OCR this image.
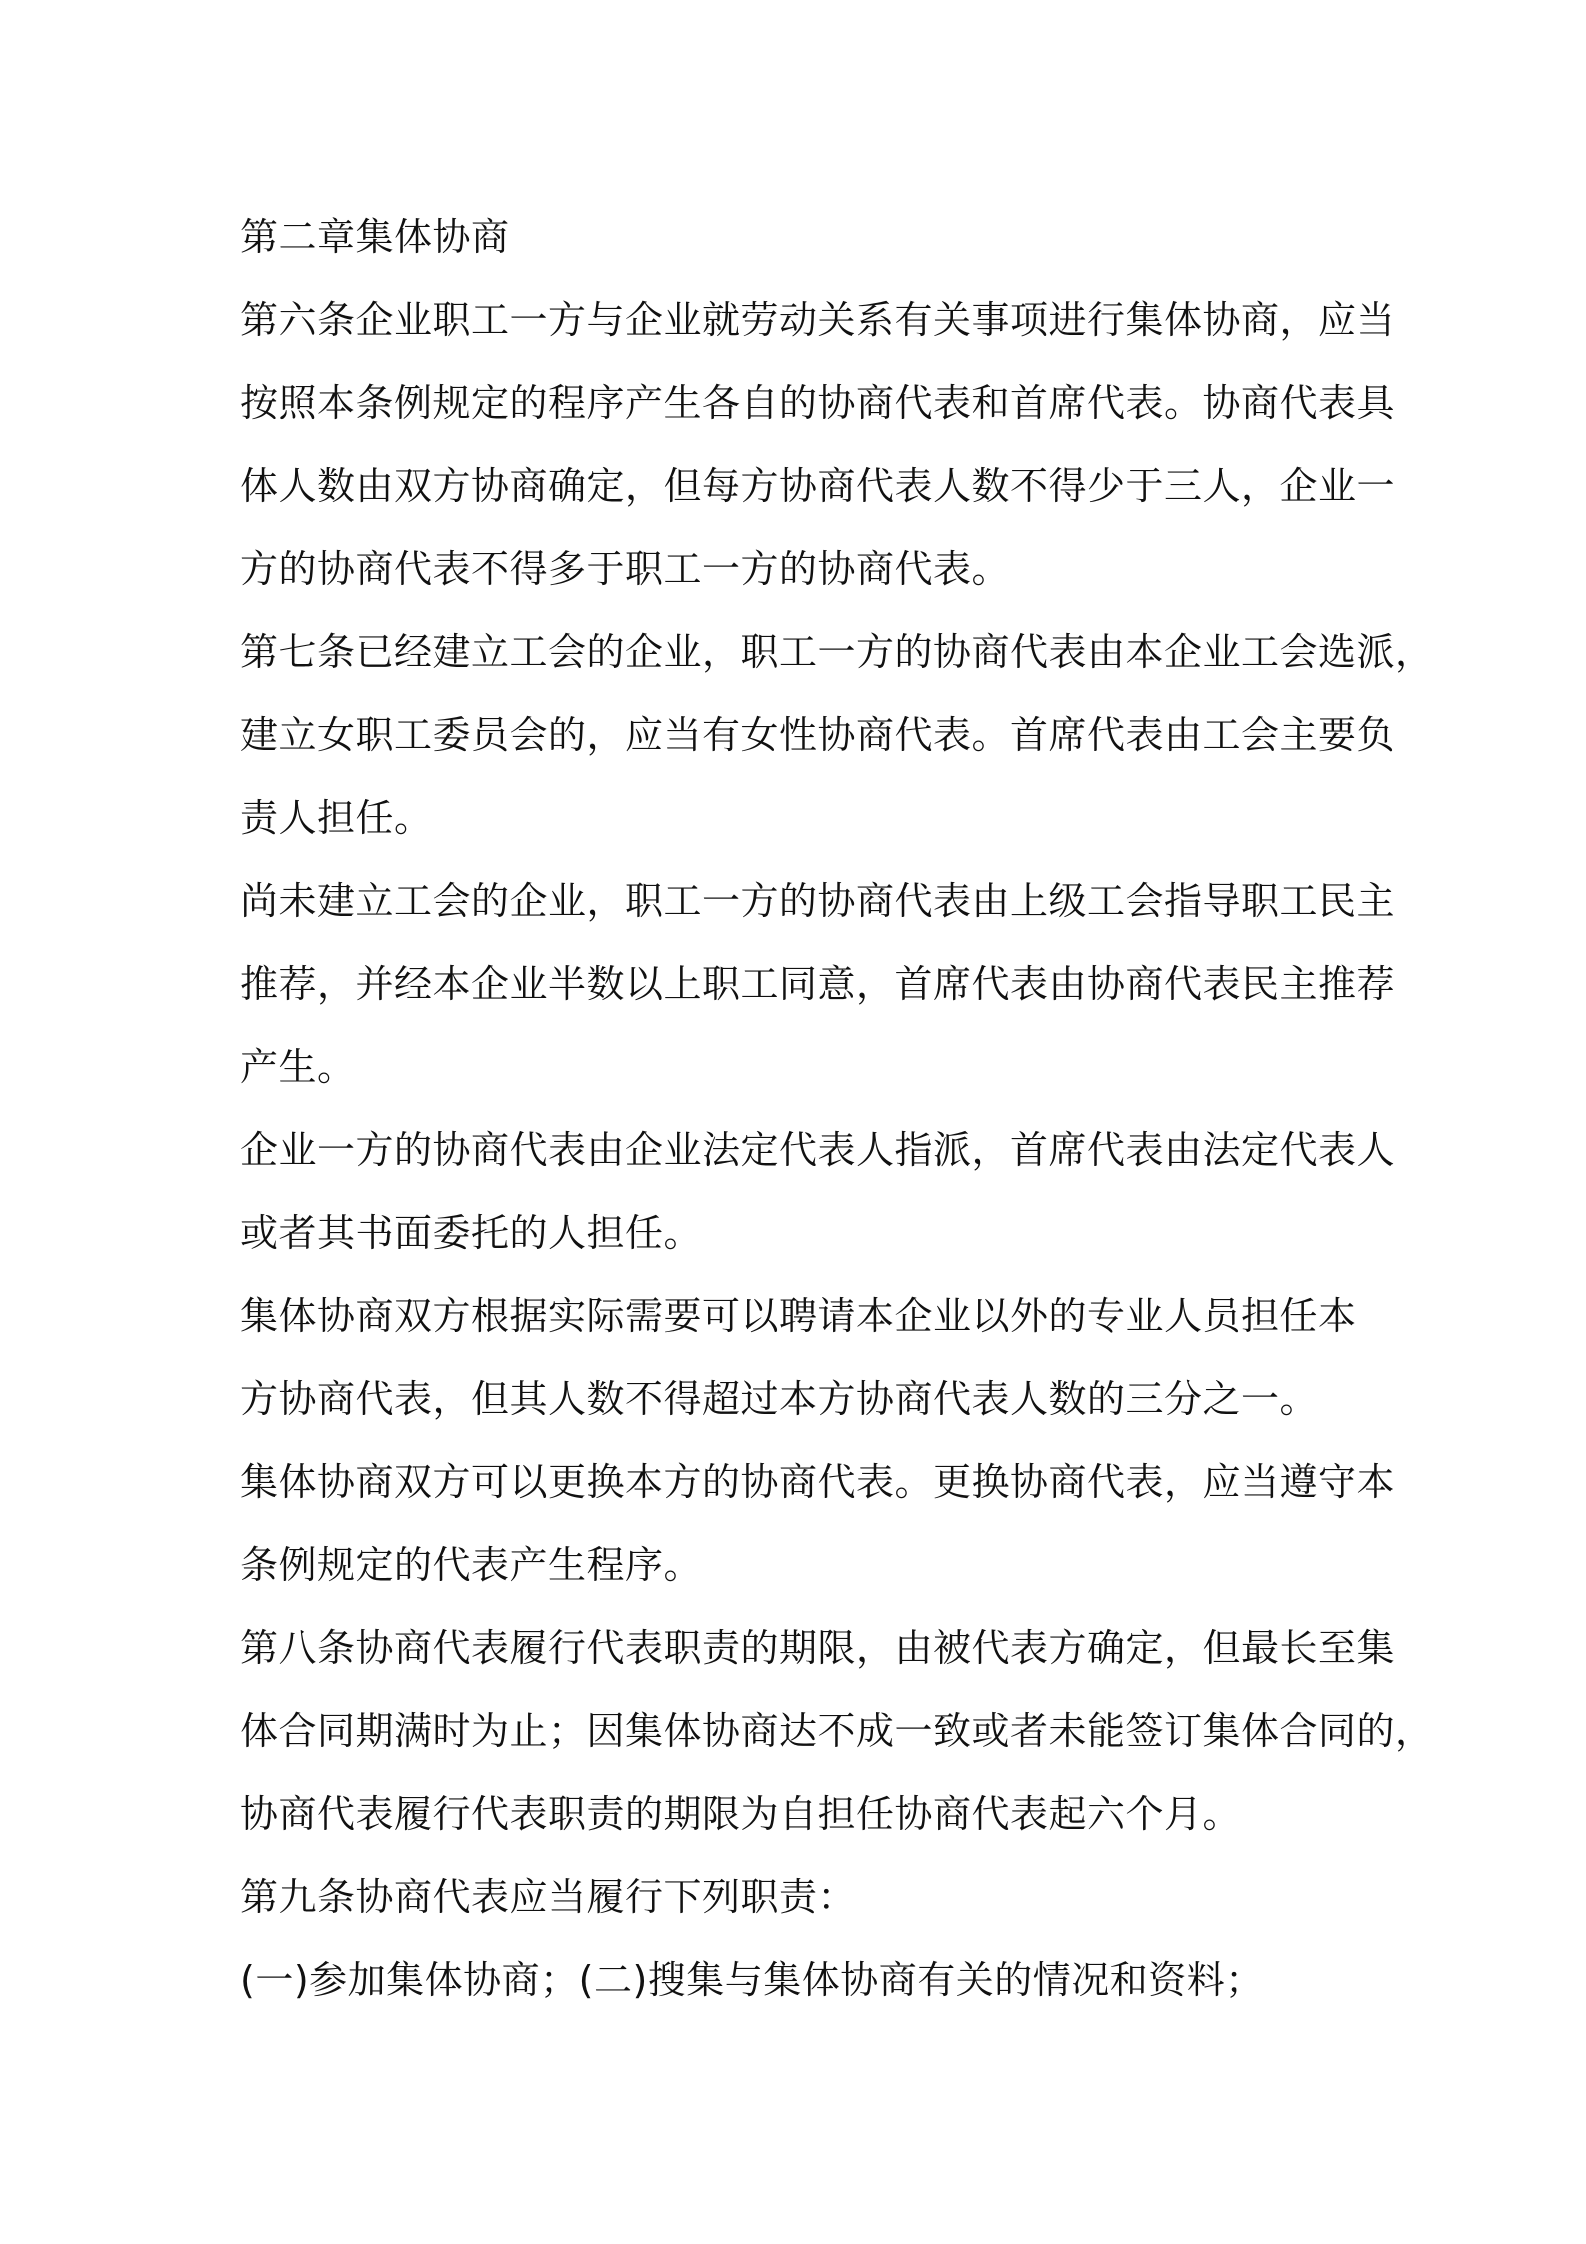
第二章集体协商
第六条企业职工一方与企业就劳动关系有关事项进行集体协商，应当
按照本条例规定的程序产生各自的协商代表和首席代表。协商代表具
体人数由双方协商确定，但每方协商代表人数不得少于三人，企业一
方的协商代表不得多于职工一方的协商代表。
第七条已经建立工会的企业，职工一方的协商代表由本企业工会选派，
建立女职工委员会的，应当有女性协商代表。首席代表由工会主要负
责人担任。
尚未建立工会的企业，职工一方的协商代表由上级工会指导职工民主
推荐，并经本企业半数以上职工同意，首席代表由协商代表民主推荐
产生。
企业一方的协商代表由企业法定代表人指派，首席代表由法定代表人
或者其书面委托的人担任。
集体协商双方根据实际需要可以聘请本企业以外的专业人员担任本
方协商代表，但其人数不得超过本方协商代表人数的三分之一。
集体协商双方可以更换本方的协商代表。更换协商代表，应当遵守本
条例规定的代表产生程序。
第八条协商代表履行代表职责的期限，由被代表方确定，但最长至集
体合同期满时为止；因集体协商达不成一致或者未能签订集体合同的，
协商代表履行代表职责的期限为自担任协商代表起六个月。
第九条协商代表应当履行下列职责：
(一)参加集体协商；(二)搜集与集体协商有关的情况和资料；
